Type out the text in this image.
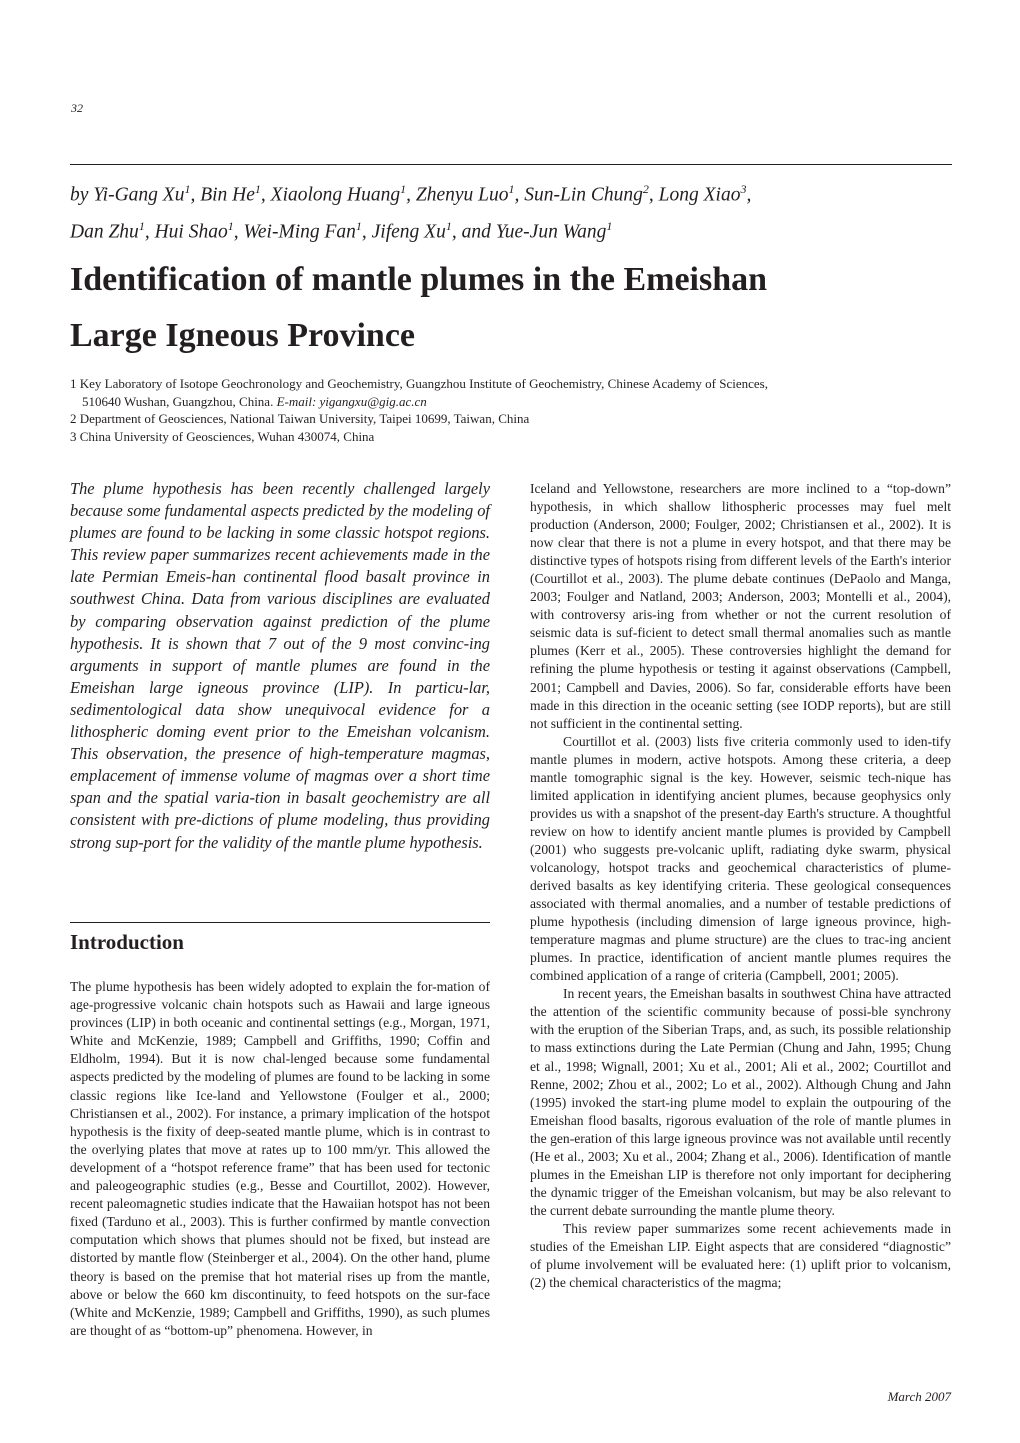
32
by Yi-Gang Xu$^1$, Bin He$^1$, Xiaolong Huang$^1$, Zhenyu Luo$^1$, Sun-Lin Chung$^2$, Long Xiao$^3$,
Dan Zhu$^1$, Hui Shao$^1$, Wei-Ming Fan$^1$, Jifeng Xu$^1$, and Yue-Jun Wang$^1$
Identification of mantle plumes in the Emeishan
Large Igneous Province
1 Key Laboratory of Isotope Geochronology and Geochemistry, Guangzhou Institute of Geochemistry, Chinese Academy of Sciences,
510640 Wushan, Guangzhou, China. E-mail: yigangxu@gig.ac.cn
2 Department of Geosciences, National Taiwan University, Taipei 10699, Taiwan, China
3 China University of Geosciences, Wuhan 430074, China

The plume hypothesis has been recently challenged largely because some fundamental aspects predicted by the modeling of plumes are found to be lacking in some classic hotspot regions. This review paper summarizes recent achievements made in the late Permian Emeis-han continental flood basalt province in southwest China. Data from various disciplines are evaluated by comparing observation against prediction of the plume hypothesis. It is shown that 7 out of the 9 most convinc-ing arguments in support of mantle plumes are found in the Emeishan large igneous province (LIP). In particu-lar, sedimentological data show unequivocal evidence for a lithospheric doming event prior to the Emeishan volcanism. This observation, the presence of high-temperature magmas, emplacement of immense volume of magmas over a short time span and the spatial varia-tion in basalt geochemistry are all consistent with pre-dictions of plume modeling, thus providing strong sup-port for the validity of the mantle plume hypothesis.

Introduction

The plume hypothesis has been widely adopted to explain the for-mation of age-progressive volcanic chain hotspots such as Hawaii and large igneous provinces (LIP) in both oceanic and continental settings (e.g., Morgan, 1971, White and McKenzie, 1989; Campbell and Griffiths, 1990; Coffin and Eldholm, 1994). But it is now chal-lenged because some fundamental aspects predicted by the modeling of plumes are found to be lacking in some classic regions like Ice-land and Yellowstone (Foulger et al., 2000; Christiansen et al., 2002). For instance, a primary implication of the hotspot hypothesis is the fixity of deep-seated mantle plume, which is in contrast to the overlying plates that move at rates up to 100 mm/yr. This allowed the development of a “hotspot reference frame” that has been used for tectonic and paleogeographic studies (e.g., Besse and Courtillot, 2002). However, recent paleomagnetic studies indicate that the Hawaiian hotspot has not been fixed (Tarduno et al., 2003). This is further confirmed by mantle convection computation which shows that plumes should not be fixed, but instead are distorted by mantle flow (Steinberger et al., 2004). On the other hand, plume theory is based on the premise that hot material rises up from the mantle, above or below the 660 km discontinuity, to feed hotspots on the sur-face (White and McKenzie, 1989; Campbell and Griffiths, 1990), as such plumes are thought of as “bottom-up” phenomena. However, in

Iceland and Yellowstone, researchers are more inclined to a “top-down” hypothesis, in which shallow lithospheric processes may fuel melt production (Anderson, 2000; Foulger, 2002; Christiansen et al., 2002). It is now clear that there is not a plume in every hotspot, and that there may be distinctive types of hotspots rising from different levels of the Earth's interior (Courtillot et al., 2003). The plume debate continues (DePaolo and Manga, 2003; Foulger and Natland, 2003; Anderson, 2003; Montelli et al., 2004), with controversy aris-ing from whether or not the current resolution of seismic data is suf-ficient to detect small thermal anomalies such as mantle plumes (Kerr et al., 2005). These controversies highlight the demand for refining the plume hypothesis or testing it against observations (Campbell, 2001; Campbell and Davies, 2006). So far, considerable efforts have been made in this direction in the oceanic setting (see IODP reports), but are still not sufficient in the continental setting.

Courtillot et al. (2003) lists five criteria commonly used to iden-tify mantle plumes in modern, active hotspots. Among these criteria, a deep mantle tomographic signal is the key. However, seismic tech-nique has limited application in identifying ancient plumes, because geophysics only provides us with a snapshot of the present-day Earth's structure. A thoughtful review on how to identify ancient mantle plumes is provided by Campbell (2001) who suggests pre-volcanic uplift, radiating dyke swarm, physical volcanology, hotspot tracks and geochemical characteristics of plume-derived basalts as key identifying criteria. These geological consequences associated with thermal anomalies, and a number of testable predictions of plume hypothesis (including dimension of large igneous province, high-temperature magmas and plume structure) are the clues to trac-ing ancient plumes. In practice, identification of ancient mantle plumes requires the combined application of a range of criteria (Campbell, 2001; 2005).

In recent years, the Emeishan basalts in southwest China have attracted the attention of the scientific community because of possi-ble synchrony with the eruption of the Siberian Traps, and, as such, its possible relationship to mass extinctions during the Late Permian (Chung and Jahn, 1995; Chung et al., 1998; Wignall, 2001; Xu et al., 2001; Ali et al., 2002; Courtillot and Renne, 2002; Zhou et al., 2002; Lo et al., 2002). Although Chung and Jahn (1995) invoked the start-ing plume model to explain the outpouring of the Emeishan flood basalts, rigorous evaluation of the role of mantle plumes in the gen-eration of this large igneous province was not available until recently (He et al., 2003; Xu et al., 2004; Zhang et al., 2006). Identification of mantle plumes in the Emeishan LIP is therefore not only important for deciphering the dynamic trigger of the Emeishan volcanism, but may be also relevant to the current debate surrounding the mantle plume theory.

This review paper summarizes some recent achievements made in studies of the Emeishan LIP. Eight aspects that are considered “diagnostic” of plume involvement will be evaluated here: (1) uplift prior to volcanism, (2) the chemical characteristics of the magma;

March 2007
